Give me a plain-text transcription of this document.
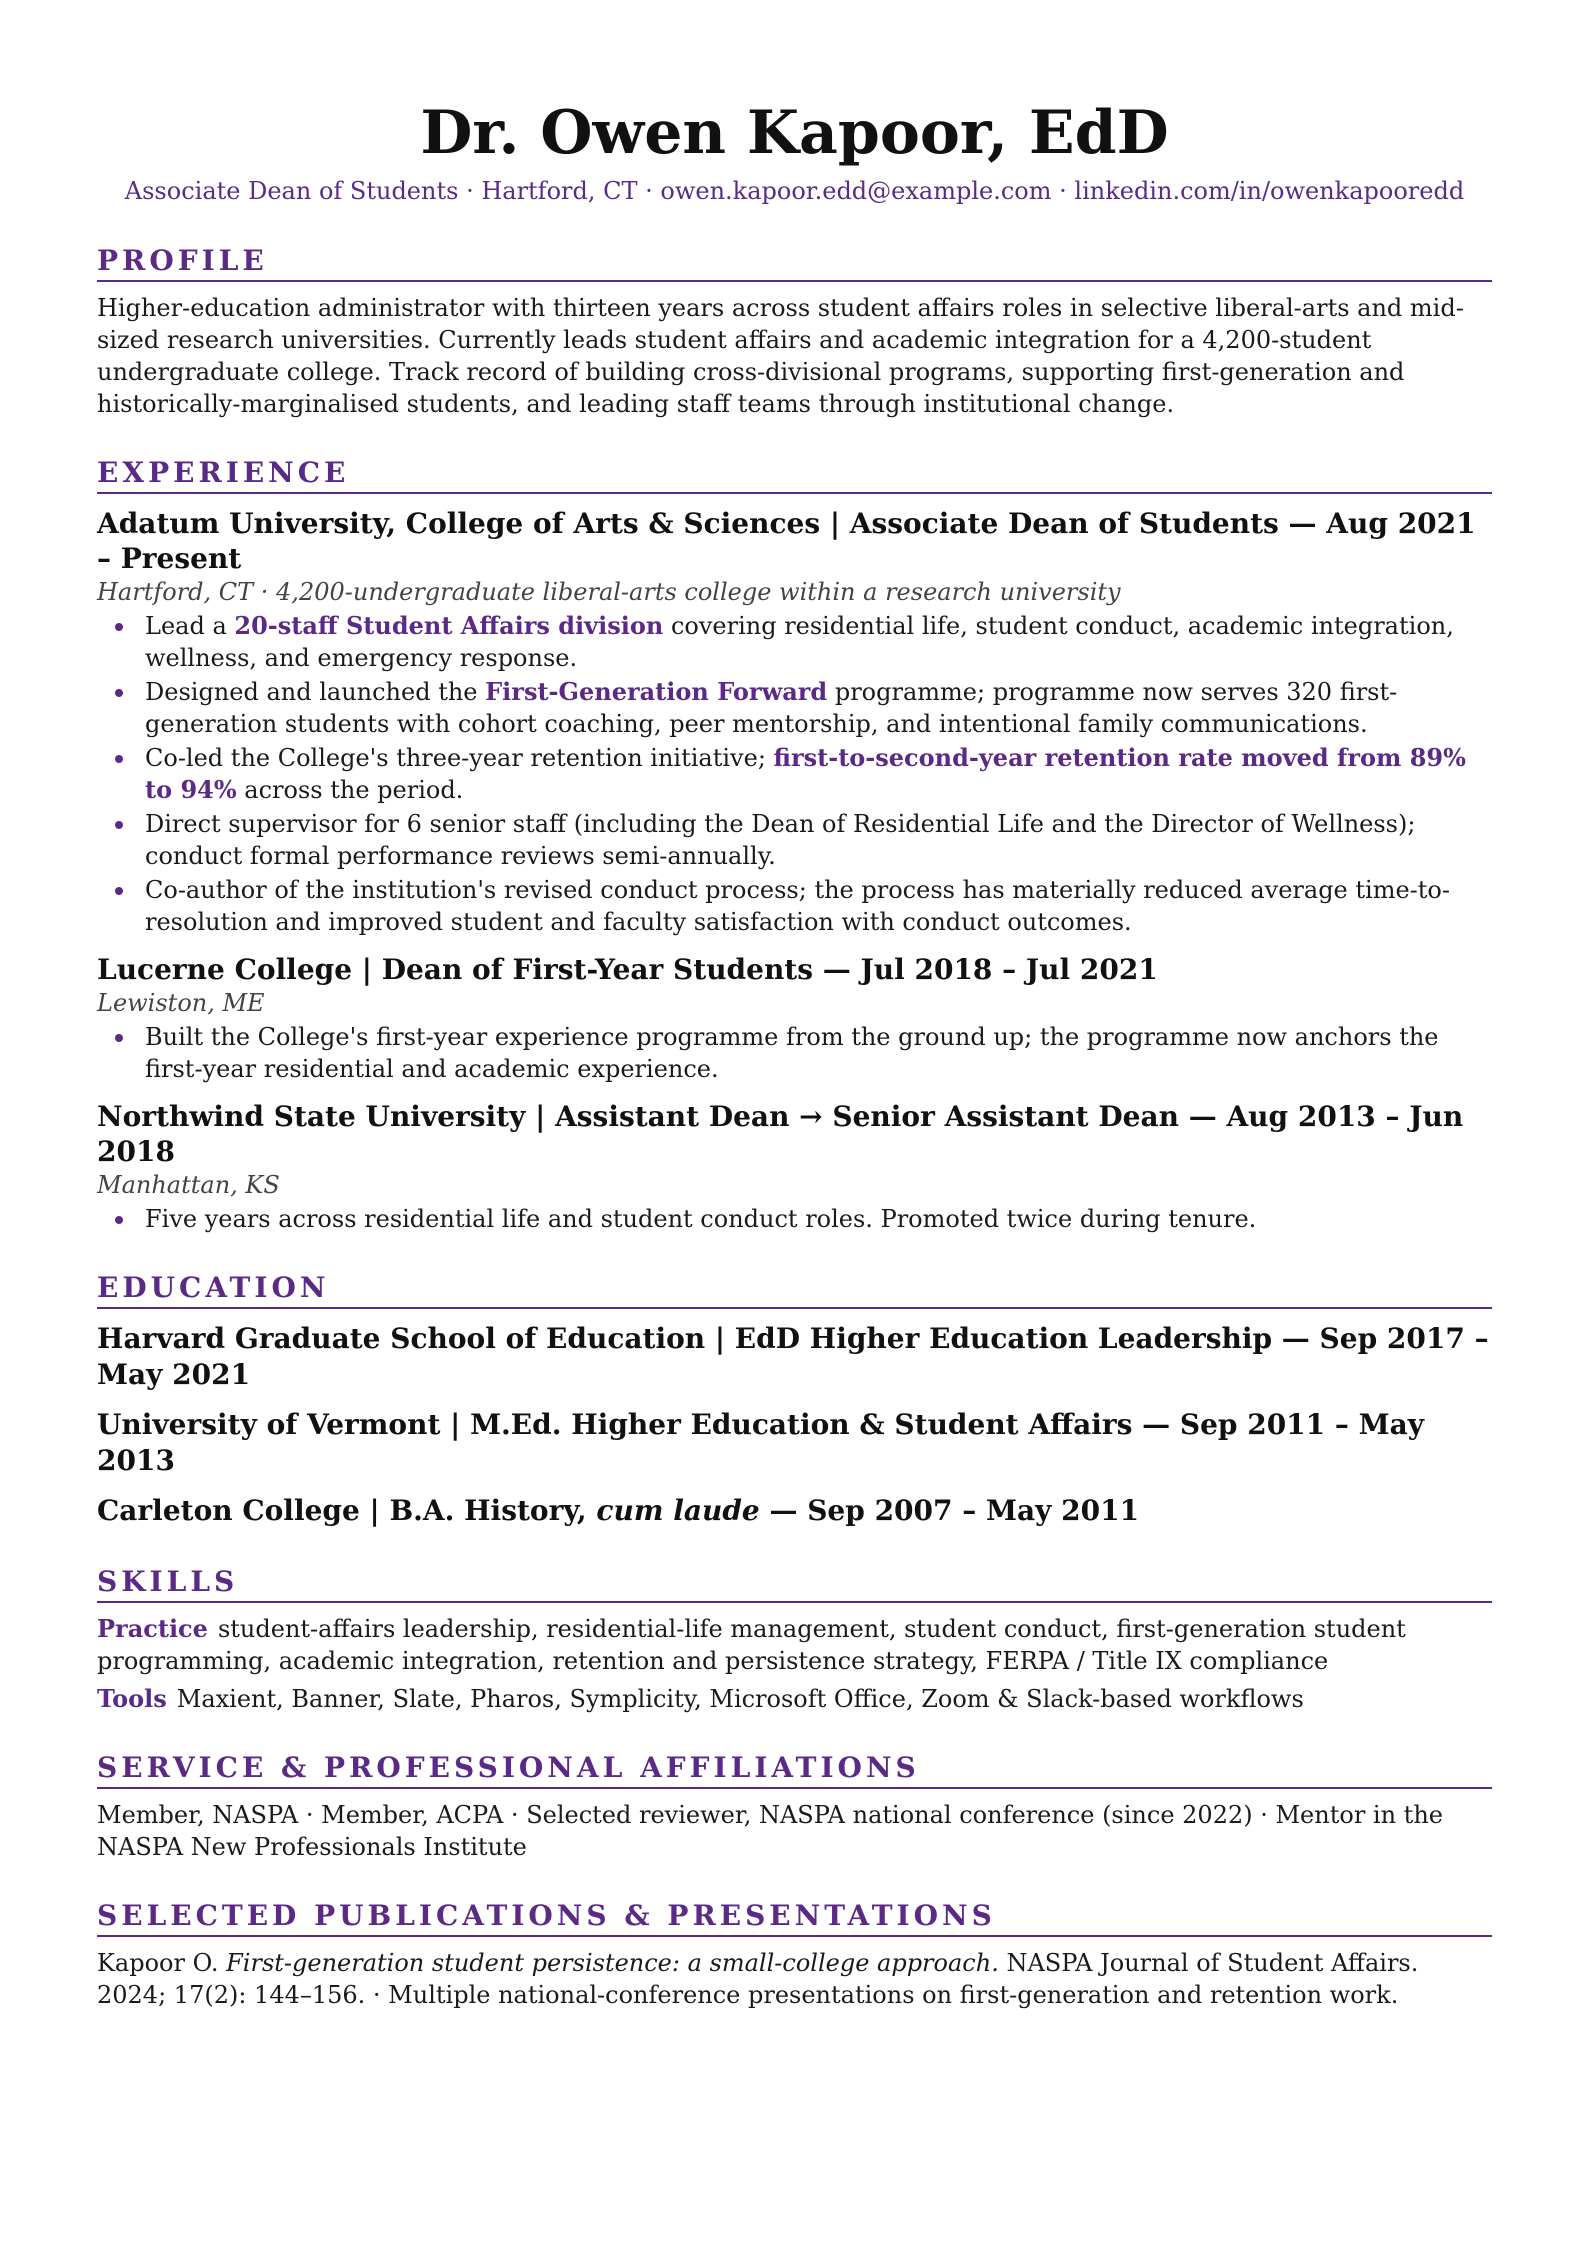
Dr. Owen Kapoor, EdD
Associate Dean of Students · Hartford, CT · owen.kapoor.edd@example.com · linkedin.com/in/owenkapooredd
PROFILE

Higher-education administrator with thirteen years across student affairs roles in selective liberal-arts and mid-sized research universities. Currently leads student affairs and academic integration for a 4,200-student undergraduate college. Track record of building cross-divisional programs, supporting first-generation and historically-marginalised students, and leading staff teams through institutional change.

EXPERIENCE

Adatum University, College of Arts & Sciences | Associate Dean of Students — Aug 2021 – Present

Hartford, CT · 4,200-undergraduate liberal-arts college within a research university

Lead a 20-staff Student Affairs division covering residential life, student conduct, academic integration, wellness, and emergency response.
Designed and launched the First-Generation Forward programme; programme now serves 320 first-generation students with cohort coaching, peer mentorship, and intentional family communications.
Co-led the College's three-year retention initiative; first-to-second-year retention rate moved from 89% to 94% across the period.
Direct supervisor for 6 senior staff (including the Dean of Residential Life and the Director of Wellness); conduct formal performance reviews semi-annually.
Co-author of the institution's revised conduct process; the process has materially reduced average time-to-resolution and improved student and faculty satisfaction with conduct outcomes.

Lucerne College | Dean of First-Year Students — Jul 2018 – Jul 2021

Lewiston, ME

Built the College's first-year experience programme from the ground up; the programme now anchors the first-year residential and academic experience.

Northwind State University | Assistant Dean → Senior Assistant Dean — Aug 2013 – Jun 2018

Manhattan, KS

Five years across residential life and student conduct roles. Promoted twice during tenure.
EDUCATION

Harvard Graduate School of Education | EdD Higher Education Leadership — Sep 2017 – May 2021

University of Vermont | M.Ed. Higher Education & Student Affairs — Sep 2011 – May 2013

Carleton College | B.A. History, cum laude — Sep 2007 – May 2011

SKILLS

Practice student-affairs leadership, residential-life management, student conduct, first-generation student programming, academic integration, retention and persistence strategy, FERPA / Title IX compliance

Tools Maxient, Banner, Slate, Pharos, Symplicity, Microsoft Office, Zoom & Slack-based workflows

SERVICE & PROFESSIONAL AFFILIATIONS

Member, NASPA · Member, ACPA · Selected reviewer, NASPA national conference (since 2022) · Mentor in the NASPA New Professionals Institute

SELECTED PUBLICATIONS & PRESENTATIONS

Kapoor O. First-generation student persistence: a small-college approach. NASPA Journal of Student Affairs. 2024; 17(2): 144–156. · Multiple national-conference presentations on first-generation and retention work.
